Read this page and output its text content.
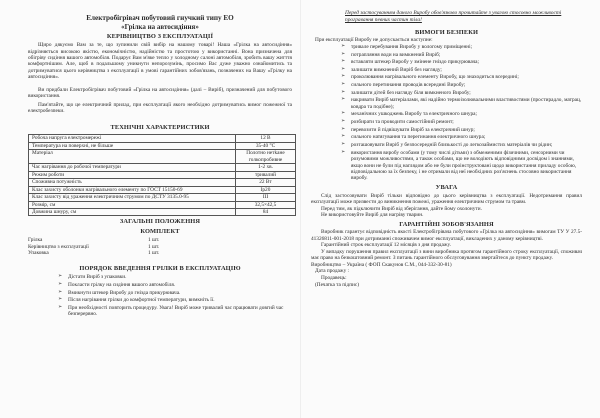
Електробігрівач побутовий гнучкий типу ЕО
«Грілка на автосидіння»
КЕРІВНИЦТВО З ЕКСПЛУАТАЦІЇ

Щиро дякуємо Вам за те, що зупинили свій вибір на нашому товарі! Наша «Грілка на автосидіння» відрізняється високою якістю, економічністю, надійністю та простотою у використанні. Вона призначена для обігріву сидіння вашого автомобіля. Подарує Вам м'яке тепло у холодному салоні автомобіля, зробить вашу житття комфортнішим. Але, щоб в подальшому уникнути непорозумінь, просимо Вас дуже уважно ознайомитись та дотримуватися цього керівництва з експлуатації в умові гарантійних зобов'язань, позначених на Вашу «Грілку на автосидіння».

Ви придбали Електробігрівач побутовий «Грілка на автосидіння» (далі – Виріб), призначений для побутового використання.

Пам'ятайте, що це електричний прилад, при експлуатації якого необхідно дотримуватись вимог пожежної та електробезпеки.

ТЕХНІЧНІ ХАРАКТЕРИСТИКИ
Робоча напруга електромережі	12 В
Температура на поверхні, не більше	35-40 °С
Матеріал	Полотно нетkане голкопробивне
Час нагрівання до робочої температури	1-2 хв.
Режим роботи	тривалий
Споживна потужність	22 Вт
Клас захисту оболонки нагрівального елементу по ГОСТ 15150-69	Ip20
Клас захисту від ураження електричним струмом по ДСТУ 3135.0-95	ІІІ
Розмір, см	32,5×42,5
Довжина шнуру, см	84
ЗАГАЛЬНІ ПОЛОЖЕННЯ
КОМПЛЕКТ
Грілка	1 шт.
Керівництво з експлуатації	1 шт.
Упаковка	1 шт.
ПОРЯДОК ВВЕДЕННЯ ГРІЛКИ В ЕКСПЛУАТАЦІЮ
➢ Дістати Виріб з упаковки.
➢ Покласти грілку на сидіння вашого автомобіля.
➢ Вмикнути штекер Виробу до гнізда прикурювача.
➢ Після нагрівання грілки до комфортної температури, вимкніть її.
➢ При необхідності повторить процедуру. Увага! Виріб може тривалий час працювати довгий час безперервно.
Перед застосуванням даного Виробу обов'язково прочитайте з увагою стосовно можливості програвання певних частин тіла!
ВИМОГИ БЕЗПЕКИ

При експлуатації Виробу не допускається наступне:

➢ тривале перебування Виробу у вологому приміщенні;
➢ потрапляння води на вимкнений Виріб;
➢ вставляти штекер Виробу у змінене гніздо прикурювача;
➢ залишати вимкнений Виріб без нагляду;
➢ проколювання нагрівального елементу Виробу, що знаходиться всередині;
➢ сильного перетинання проводів всередині Виробу;
➢ залишати дітей без нагляду біля вимкненого Виробу;
➢ накривати Виріб матеріалами, які надійно термоізолювальними властивостями (простирадло, матрац, ковдра та подібне);
➢ механічних ушкоджень Виробу та електричного шнура;
➢ розбирати та проводити самостійний ремонт;
➢ перевозити й підвішувати Виріб за електричний шнур;
➢ сильного натягування та перегинання електричного шнура;
➢ розташовувати Виріб у безпосередній близькості до легкозаймистих матеріалів чи рідин;
➢ використання виробу особами (у тому числі дітьми) з обмеженими фізичними, сенсорними чи розумовими можливостями, а також особами, що не володіють відповідними досвідом і знаннями, якщо вони не були під наглядом або не були проінструктовані щодо використання приладу особою, відповідальною за їх безпеку, і не отримали від неї необхідних роз'яснень стосовно використання виробу.
УВАГА

Слід застосовувати Виріб тільки відповідно до цього керівництва з експлуатації. Недотримання правил експлуатації може призвести до виникнення пожежі, ураження електричним струмом та травм.

Перед тим, як підключити Виріб від зберігання, дайте йому охолонути.

Не використовуйте Виріб для нагріву тварин.

ГАРАНТІЙНІ ЗОБОВ'ЯЗАННЯ

Виробник гарантує відповідність якості Електробігрівача побутового «Грілка на автосидіння» вимогам ТУ У 27.5-41326811-001-2018 при дотриманні споживачем вимог експлуатації, викладених у даному керівництві.

Гарантійний строк експлуатації 12 місяців з дня продажу.

У випадку порушення правил експлуатації з вини виробника протягом гарантійного строку експлуатації, споживач має право на безкоштовний ремонт. З питань гарантійного обслуговування звертайтеся до пункту продажу.

Виробництво – Україна ( ФОП Скакунов С.М., 044-332-30-81)

Дата продажу :

Продавець:

(Печатка та підпис)
